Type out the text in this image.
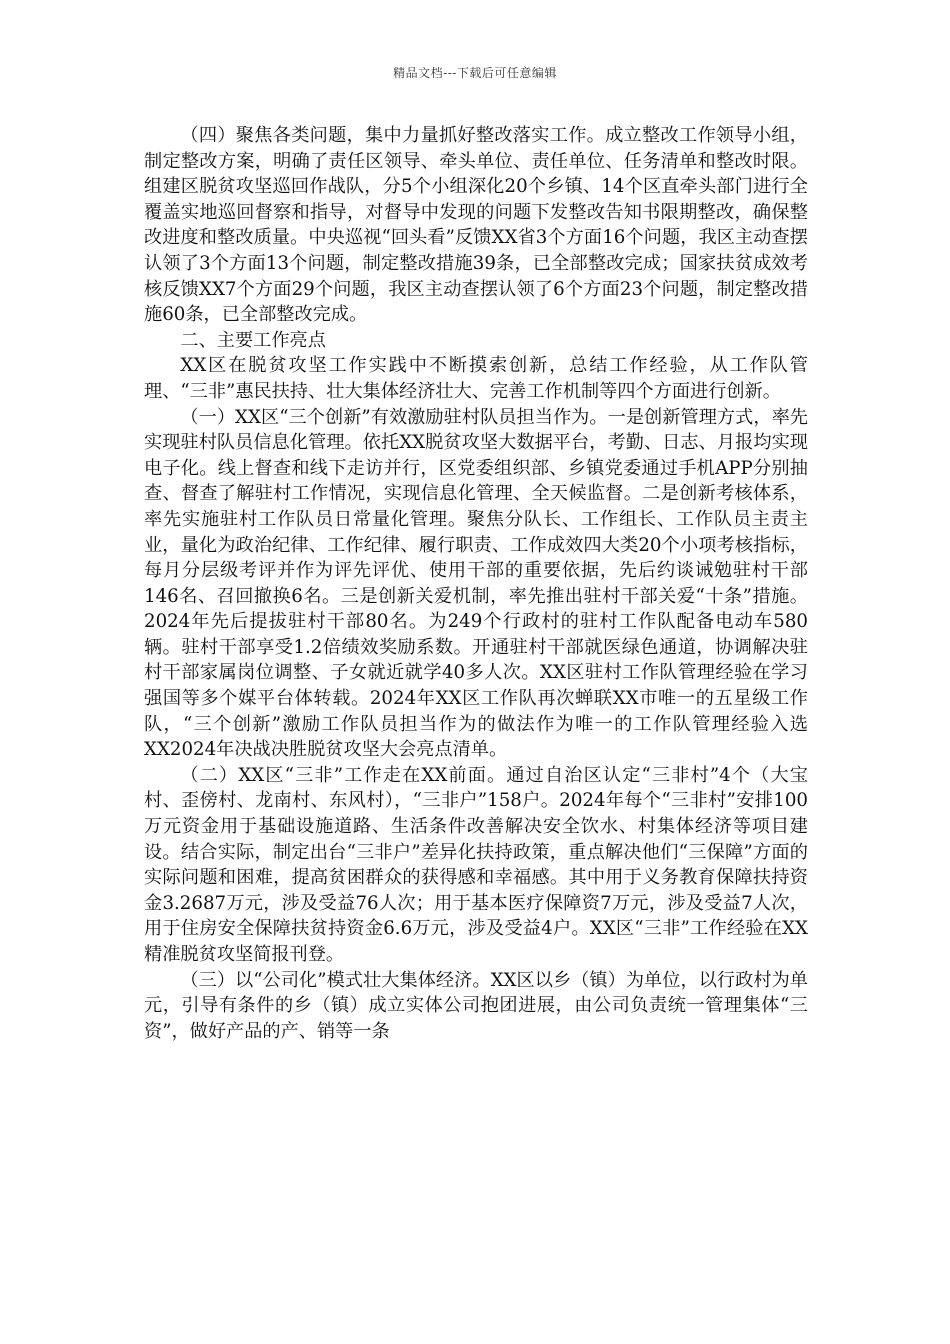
精品文档---下载后可任意编辑

（四）聚焦各类问题，集中力量抓好整改落实工作。成立整改工作领导小组，制定整改方案，明确了责任区领导、牵头单位、责任单位、任务清单和整改时限。组建区脱贫攻坚巡回作战队，分5个小组深化20个乡镇、14个区直牵头部门进行全覆盖实地巡回督察和指导，对督导中发现的问题下发整改告知书限期整改，确保整改进度和整改质量。中央巡视“回头看”反馈XX省3个方面16个问题，我区主动查摆认领了3个方面13个问题，制定整改措施39条，已全部整改完成；国家扶贫成效考核反馈XX7个方面29个问题，我区主动查摆认领了6个方面23个问题，制定整改措施60条，已全部整改完成。

二、主要工作亮点

XX区在脱贫攻坚工作实践中不断摸索创新，总结工作经验，从工作队管理、“三非”惠民扶持、壮大集体经济壮大、完善工作机制等四个方面进行创新。

（一）XX区“三个创新”有效激励驻村队员担当作为。一是创新管理方式，率先实现驻村队员信息化管理。依托XX脱贫攻坚大数据平台，考勤、日志、月报均实现电子化。线上督查和线下走访并行，区党委组织部、乡镇党委通过手机APP分别抽查、督查了解驻村工作情况，实现信息化管理、全天候监督。二是创新考核体系，率先实施驻村工作队员日常量化管理。聚焦分队长、工作组长、工作队员主责主业，量化为政治纪律、工作纪律、履行职责、工作成效四大类20个小项考核指标，每月分层级考评并作为评先评优、使用干部的重要依据，先后约谈诫勉驻村干部146名、召回撤换6名。三是创新关爱机制，率先推出驻村干部关爱“十条”措施。2024年先后提拔驻村干部80名。为249个行政村的驻村工作队配备电动车580辆。驻村干部享受1.2倍绩效奖励系数。开通驻村干部就医绿色通道，协调解决驻村干部家属岗位调整、子女就近就学40多人次。XX区驻村工作队管理经验在学习强国等多个媒平台体转载。2024年XX区工作队再次蝉联XX市唯一的五星级工作队，“三个创新”激励工作队员担当作为的做法作为唯一的工作队管理经验入选XX2024年决战决胜脱贫攻坚大会亮点清单。

（二）XX区“三非”工作走在XX前面。通过自治区认定“三非村”4个（大宝村、歪傍村、龙南村、东风村），“三非户”158户。2024年每个“三非村”安排100万元资金用于基础设施道路、生活条件改善解决安全饮水、村集体经济等项目建设。结合实际，制定出台“三非户”差异化扶持政策，重点解决他们“三保障”方面的实际问题和困难，提高贫困群众的获得感和幸福感。其中用于义务教育保障扶持资金3.2687万元，涉及受益76人次；用于基本医疗保障资7万元，涉及受益7人次，用于住房安全保障扶贫持资金6.6万元，涉及受益4户。XX区“三非”工作经验在XX精准脱贫攻坚简报刊登。

（三）以“公司化”模式壮大集体经济。XX区以乡（镇）为单位，以行政村为单元，引导有条件的乡（镇）成立实体公司抱团进展，由公司负责统一管理集体“三资”，做好产品的产、销等一条
